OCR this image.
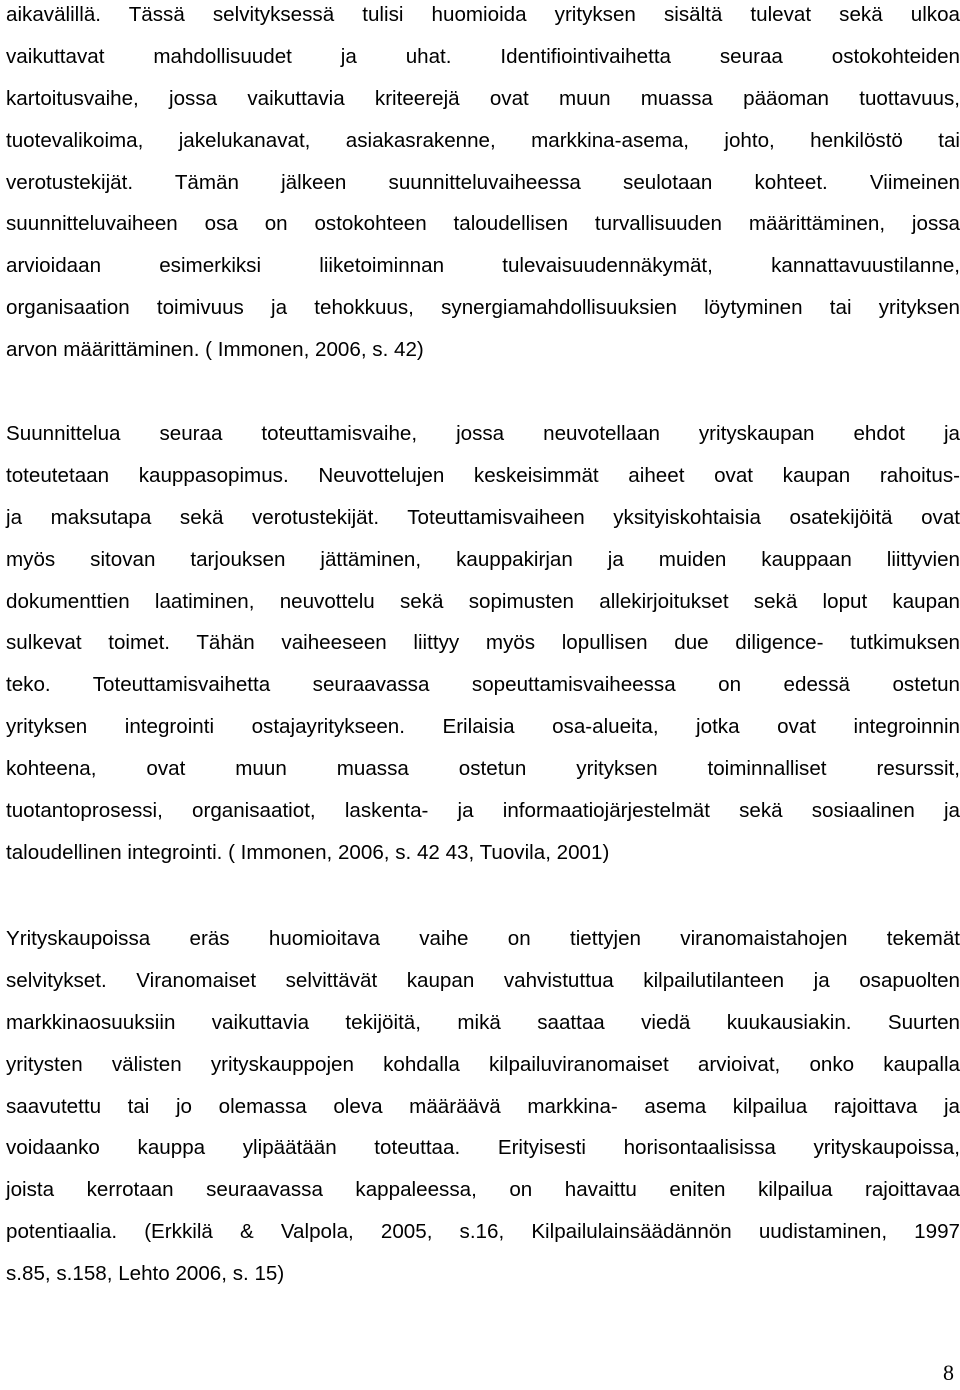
aikavälillä. Tässä selvityksessä tulisi huomioida yrityksen sisältä tulevat sekä ulkoa
vaikuttavat mahdollisuudet ja uhat. Identifiointivaihetta seuraa ostokohteiden
kartoitusvaihe, jossa vaikuttavia kriteerejä ovat muun muassa pääoman tuottavuus,
tuotevalikoima, jakelukanavat, asiakasrakenne, markkina-asema, johto, henkilöstö tai
verotustekijät. Tämän jälkeen suunnitteluvaiheessa seulotaan kohteet. Viimeinen
suunnitteluvaiheen osa on ostokohteen taloudellisen turvallisuuden määrittäminen, jossa
arvioidaan esimerkiksi liiketoiminnan tulevaisuudennäkymät, kannattavuustilanne,
organisaation toimivuus ja tehokkuus, synergiamahdollisuuksien löytyminen tai yrityksen
arvon määrittäminen. ( Immonen, 2006, s. 42)
Suunnittelua seuraa toteuttamisvaihe, jossa neuvotellaan yrityskaupan ehdot ja
toteutetaan kauppasopimus. Neuvottelujen keskeisimmät aiheet ovat kaupan rahoitus-
ja maksutapa sekä verotustekijät. Toteuttamisvaiheen yksityiskohtaisia osatekijöitä ovat
myös sitovan tarjouksen jättäminen, kauppakirjan ja muiden kauppaan liittyvien
dokumenttien laatiminen, neuvottelu sekä sopimusten allekirjoitukset sekä loput kaupan
sulkevat toimet. Tähän vaiheeseen liittyy myös lopullisen due diligence- tutkimuksen
teko. Toteuttamisvaihetta seuraavassa sopeuttamisvaiheessa on edessä ostetun
yrityksen integrointi ostajayritykseen. Erilaisia osa-alueita, jotka ovat integroinnin
kohteena, ovat muun muassa ostetun yrityksen toiminnalliset resurssit,
tuotantoprosessi, organisaatiot, laskenta- ja informaatiojärjestelmät sekä sosiaalinen ja
taloudellinen integrointi. ( Immonen, 2006, s. 42 43, Tuovila, 2001)
Yrityskaupoissa eräs huomioitava vaihe on tiettyjen viranomaistahojen tekemät
selvitykset. Viranomaiset selvittävät kaupan vahvistuttua kilpailutilanteen ja osapuolten
markkinaosuuksiin vaikuttavia tekijöitä, mikä saattaa viedä kuukausiakin. Suurten
yritysten välisten yrityskauppojen kohdalla kilpailuviranomaiset arvioivat, onko kaupalla
saavutettu tai jo olemassa oleva määräävä markkina- asema kilpailua rajoittava ja
voidaanko kauppa ylipäätään toteuttaa. Erityisesti horisontaalisissa yrityskaupoissa,
joista kerrotaan seuraavassa kappaleessa, on havaittu eniten kilpailua rajoittavaa
potentiaalia. (Erkkilä & Valpola, 2005, s.16, Kilpailulainsäädännön uudistaminen, 1997
s.85, s.158, Lehto 2006, s. 15)
8
